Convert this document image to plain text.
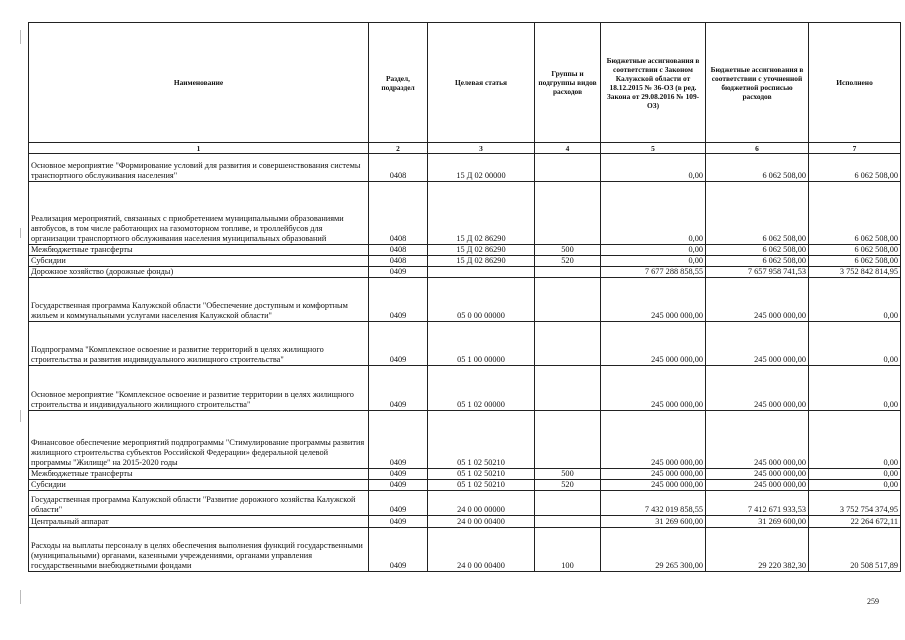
Наименование	Раздел, подраздел	Целевая статья	Группы и подгруппы видов расходов	Бюджетные ассигнования в соответствии с Законом Калужской области от 18.12.2015 № 36-ОЗ (в ред. Закона от 29.08.2016 № 109-ОЗ)	Бюджетные ассигнования в соответствии с уточненной бюджетной росписью расходов	Исполнено
1	2	3	4	5	6	7
Основное мероприятие "Формирование условий для развития и совершенствования системы транспортного обслуживания населения"	0408	15 Д 02 00000		0,00	6 062 508,00	6 062 508,00
Реализация мероприятий, связанных с приобретением муниципальными образованиями автобусов, в том числе работающих на газомоторном топливе, и троллейбусов для организации транспортного обслуживания населения муниципальных образований	0408	15 Д 02 86290		0,00	6 062 508,00	6 062 508,00
Межбюджетные трансферты	0408	15 Д 02 86290	500	0,00	6 062 508,00	6 062 508,00
Субсидии	0408	15 Д 02 86290	520	0,00	6 062 508,00	6 062 508,00
Дорожное хозяйство (дорожные фонды)	0409			7 677 288 858,55	7 657 958 741,53	3 752 842 814,95
Государственная программа Калужской области "Обеспечение доступным и комфортным жильем и коммунальными услугами населения Калужской области"	0409	05 0 00 00000		245 000 000,00	245 000 000,00	0,00
Подпрограмма "Комплексное освоение и развитие территорий в целях жилищного строительства и развития индивидуального жилищного строительства"	0409	05 1 00 00000		245 000 000,00	245 000 000,00	0,00
Основное мероприятие "Комплексное освоение и развитие территории в целях жилищного строительства и индивидуального жилищного строительства"	0409	05 1 02 00000		245 000 000,00	245 000 000,00	0,00
Финансовое обеспечение мероприятий подпрограммы "Стимулирование программы развития жилищного строительства субъектов Российской Федерации» федеральной целевой программы "Жилище" на 2015-2020 годы	0409	05 1 02 50210		245 000 000,00	245 000 000,00	0,00
Межбюджетные трансферты	0409	05 1 02 50210	500	245 000 000,00	245 000 000,00	0,00
Субсидии	0409	05 1 02 50210	520	245 000 000,00	245 000 000,00	0,00
Государственная программа Калужской области "Развитие дорожного хозяйства Калужской области"	0409	24 0 00 00000		7 432 019 858,55	7 412 671 933,53	3 752 754 374,95
Центральный аппарат	0409	24 0 00 00400		31 269 600,00	31 269 600,00	22 264 672,11
Расходы на выплаты персоналу в целях обеспечения выполнения функций государственными (муниципальными) органами, казенными учреждениями, органами управления государственными внебюджетными фондами	0409	24 0 00 00400	100	29 265 300,00	29 220 382,30	20 508 517,89
259
